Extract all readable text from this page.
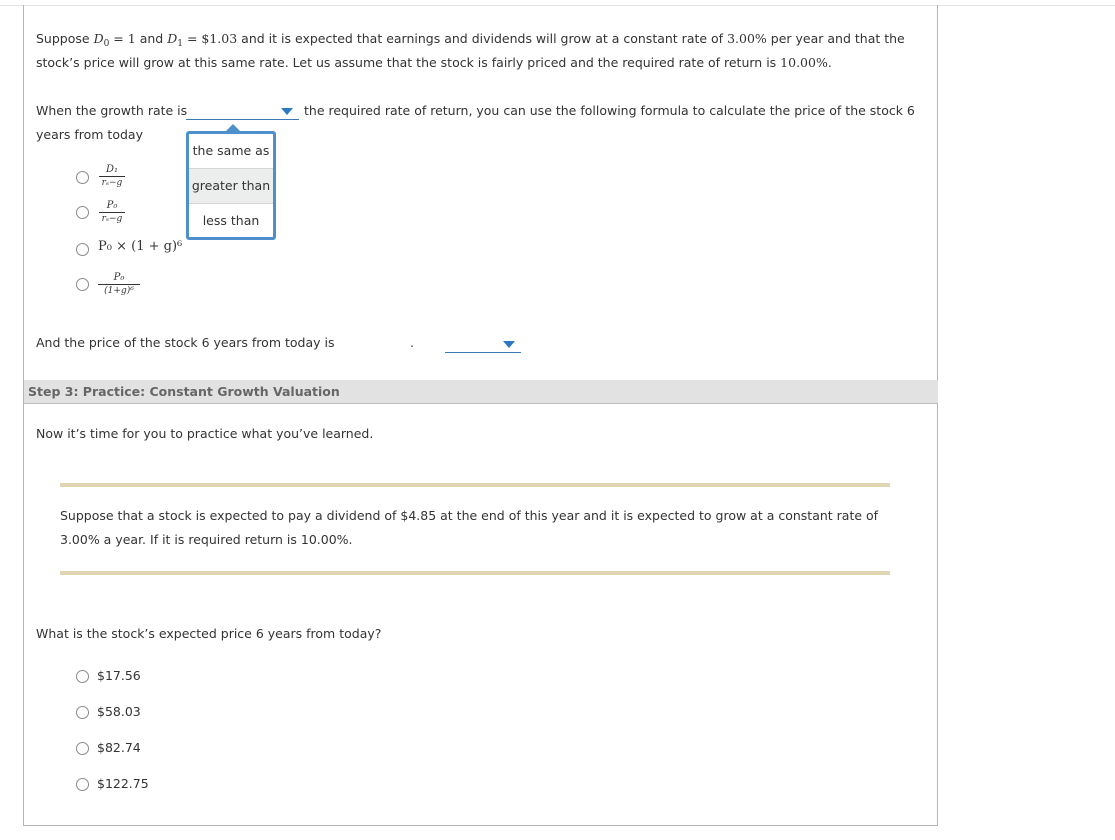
Suppose $D_0 = 1$ and $D_1$ = $1.03 and it is expected that earnings and dividends will grow at a constant rate of 3.00% per year and that the
stock’s price will grow at this same rate. Let us assume that the stock is fairly priced and the required rate of return is 10.00%.
When the growth rate is
	the required rate of return, you can use the following formula to calculate the price of the stock 6
years from today
the same as
greater than
less than
D₁
rₛ−g
P₀
rₛ−g
P₀ × (1 + g)⁶
P₀
(1+g)⁶
And the price of the stock 6 years from today is	.
Step 3: Practice: Constant Growth Valuation
Now it’s time for you to practice what you’ve learned.
Suppose that a stock is expected to pay a dividend of $4.85 at the end of this year and it is expected to grow at a constant rate of
3.00% a year. If it is required return is 10.00%.
What is the stock’s expected price 6 years from today?
$17.56
$58.03
$82.74
$122.75
